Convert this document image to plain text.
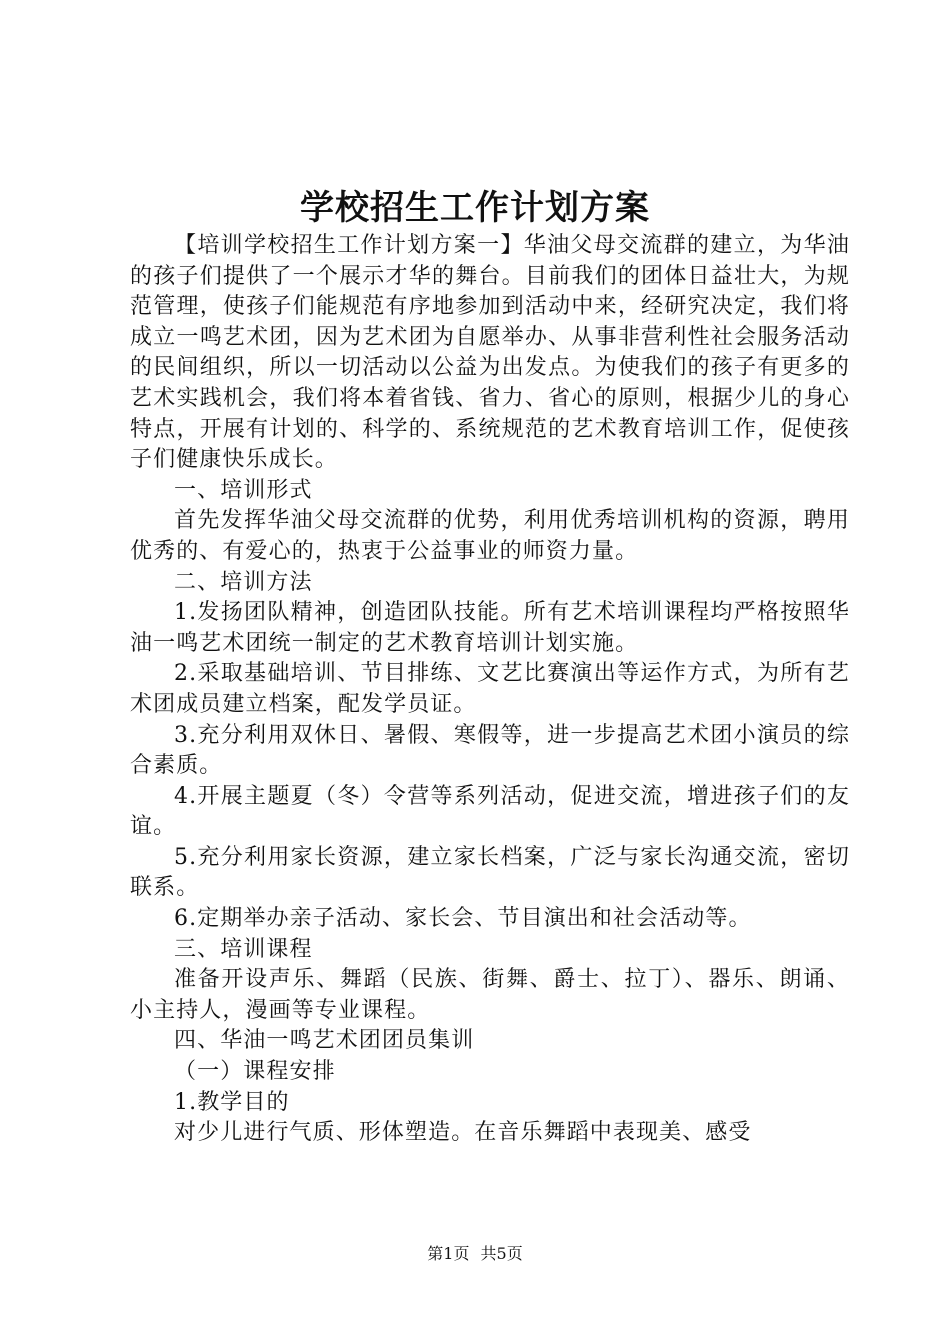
学校招生工作计划方案

【培训学校招生工作计划方案一】华油父母交流群的建立，为华油的孩子们提供了一个展示才华的舞台。目前我们的团体日益壮大，为规范管理，使孩子们能规范有序地参加到活动中来，经研究决定，我们将成立一鸣艺术团，因为艺术团为自愿举办、从事非营利性社会服务活动的民间组织，所以一切活动以公益为出发点。为使我们的孩子有更多的艺术实践机会，我们将本着省钱、省力、省心的原则，根据少儿的身心特点，开展有计划的、科学的、系统规范的艺术教育培训工作，促使孩子们健康快乐成长。

一、培训形式

首先发挥华油父母交流群的优势，利用优秀培训机构的资源，聘用优秀的、有爱心的，热衷于公益事业的师资力量。

二、培训方法

1.发扬团队精神，创造团队技能。所有艺术培训课程均严格按照华油一鸣艺术团统一制定的艺术教育培训计划实施。

2.采取基础培训、节目排练、文艺比赛演出等运作方式，为所有艺术团成员建立档案，配发学员证。

3.充分利用双休日、暑假、寒假等，进一步提高艺术团小演员的综合素质。

4.开展主题夏（冬）令营等系列活动，促进交流，增进孩子们的友谊。

5.充分利用家长资源，建立家长档案，广泛与家长沟通交流，密切联系。

6.定期举办亲子活动、家长会、节目演出和社会活动等。

三、培训课程

准备开设声乐、舞蹈（民族、街舞、爵士、拉丁）、器乐、朗诵、小主持人，漫画等专业课程。

四、华油一鸣艺术团团员集训

（一）课程安排

1.教学目的

对少儿进行气质、形体塑造。在音乐舞蹈中表现美、感受

第1页 共5页
